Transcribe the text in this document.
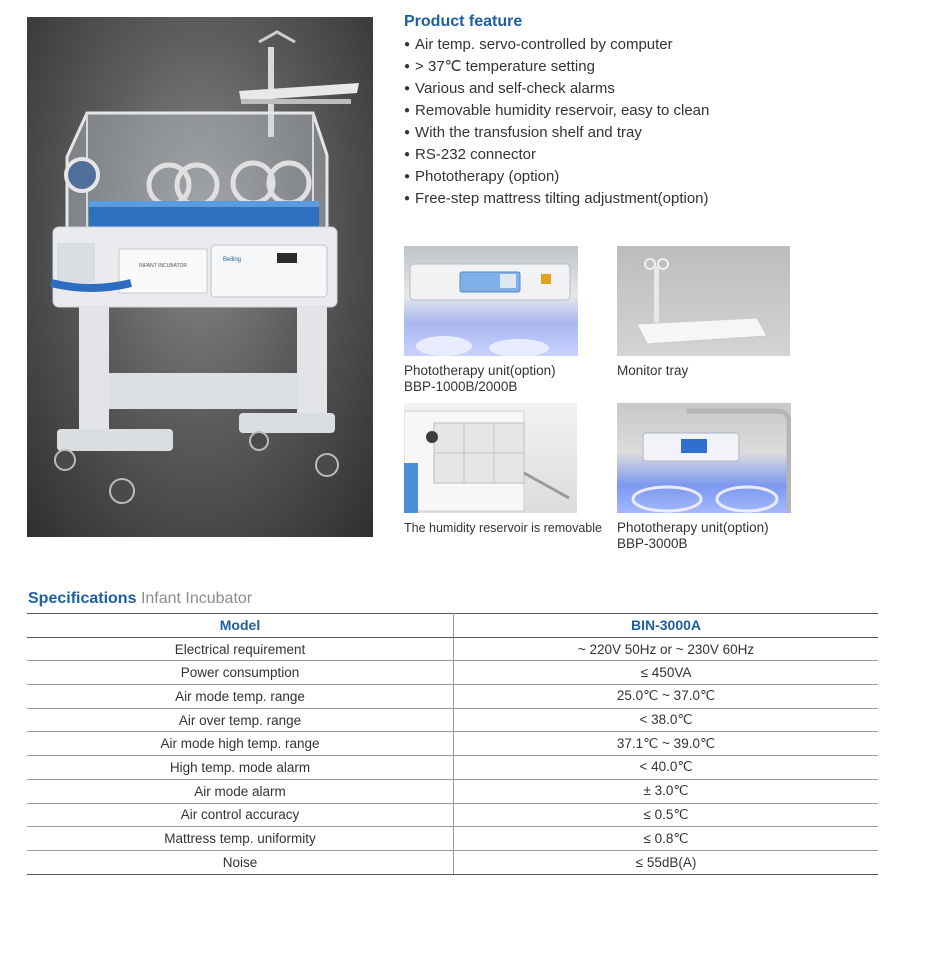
INFANT INCUBATOR
Beiling
Product feature
● Air temp. servo-controlled by computer
● > 37℃ temperature setting
● Various and self-check alarms
● Removable humidity reservoir, easy to clean
● With the transfusion shelf and tray
● RS-232 connector
● Phototherapy (option)
● Free-step mattress tilting adjustment(option)
Phototherapy unit(option)
BBP-1000B/2000B
Monitor tray
The humidity reservoir is removable Phototherapy unit(option)
BBP-3000B
Specifications Infant Incubator
Model	BIN-3000A
Electrical requirement	~ 220V 50Hz or ~ 230V 60Hz
Power consumption	≤ 450VA
Air mode temp. range	25.0℃ ~ 37.0℃
Air over temp. range	< 38.0℃
Air mode high temp. range	37.1℃ ~ 39.0℃
High temp. mode alarm	< 40.0℃
Air mode alarm	± 3.0℃
Air control accuracy	≤ 0.5℃
Mattress temp. uniformity	≤ 0.8℃
Noise	≤ 55dB(A)
